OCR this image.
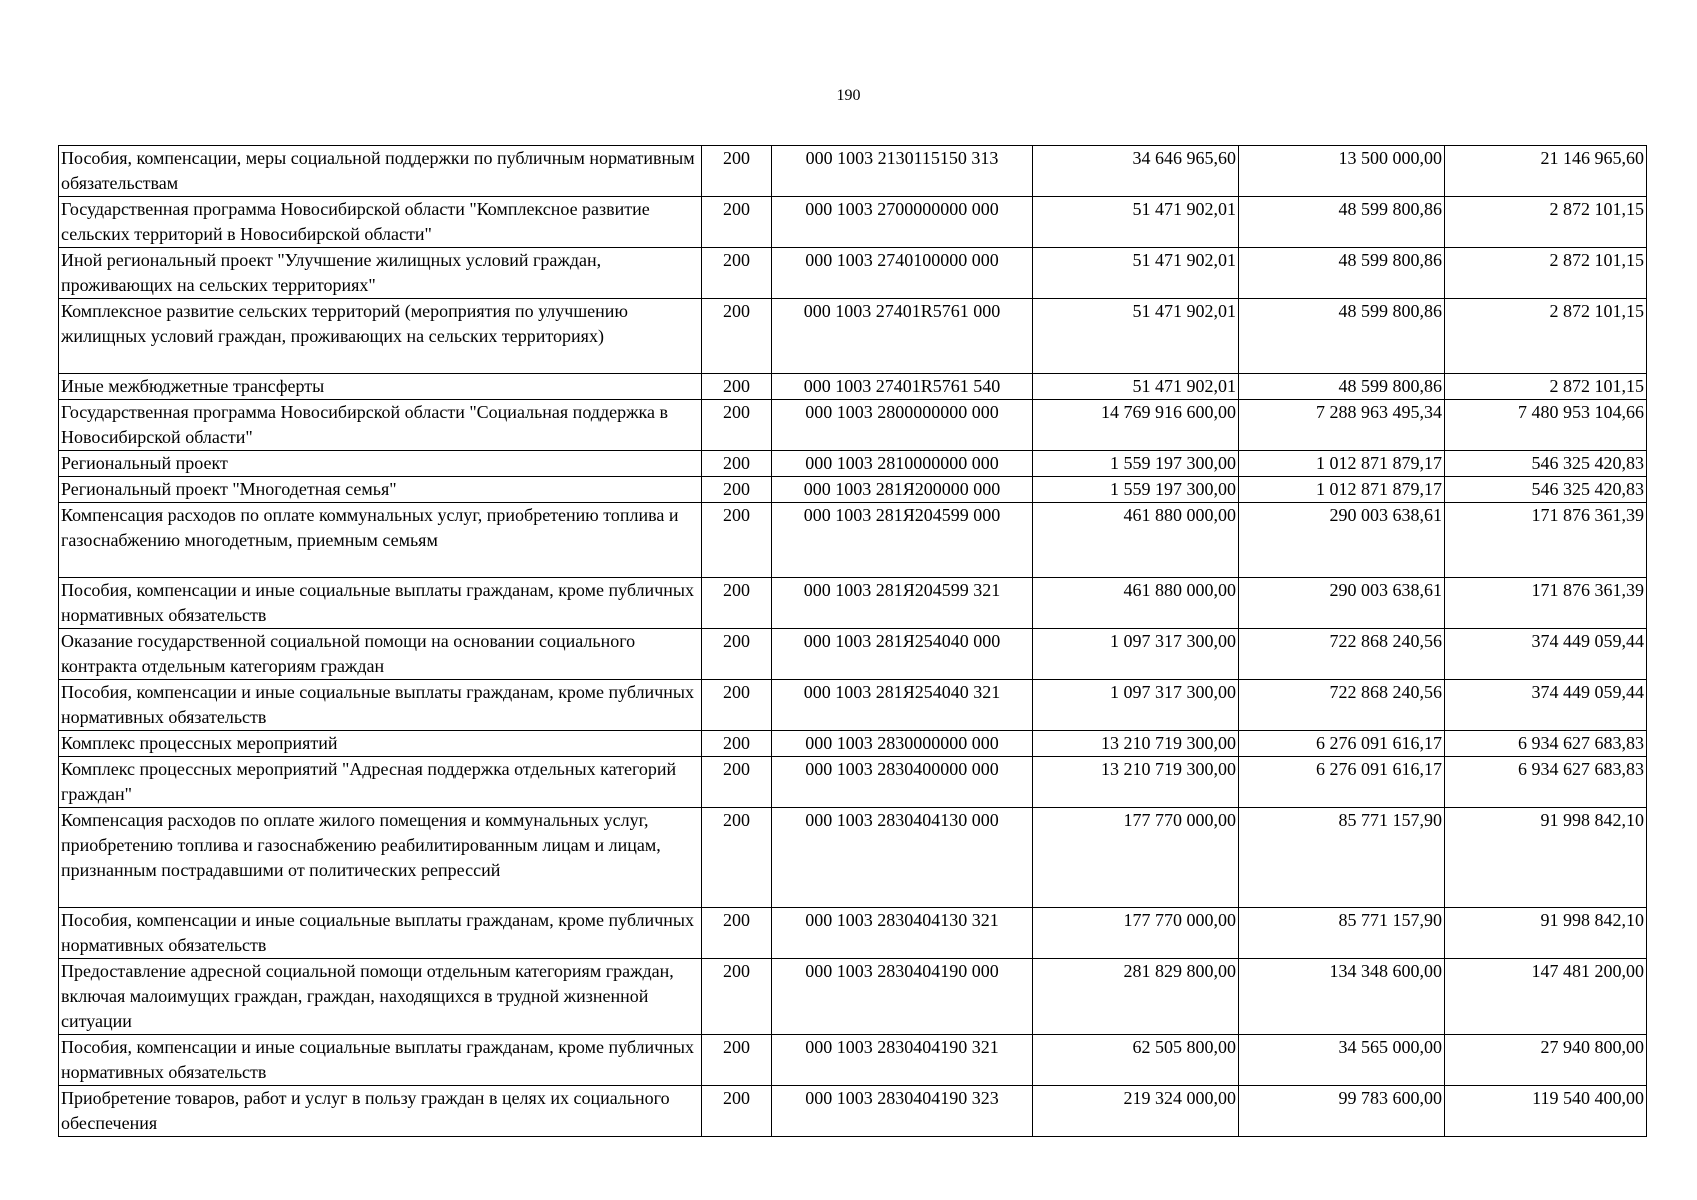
190
Пособия, компенсации, меры социальной поддержки по публичным нормативным обязательствам	200	000 1003 2130115150 313	34 646 965,60	13 500 000,00	21 146 965,60
Государственная программа Новосибирской области "Комплексное развитие сельских территорий в Новосибирской области"	200	000 1003 2700000000 000	51 471 902,01	48 599 800,86	2 872 101,15
Иной региональный проект "Улучшение жилищных условий граждан, проживающих на сельских территориях"	200	000 1003 2740100000 000	51 471 902,01	48 599 800,86	2 872 101,15
Комплексное развитие сельских территорий (мероприятия по улучшению жилищных условий граждан, проживающих на сельских территориях)	200	000 1003 27401R5761 000	51 471 902,01	48 599 800,86	2 872 101,15
Иные межбюджетные трансферты	200	000 1003 27401R5761 540	51 471 902,01	48 599 800,86	2 872 101,15
Государственная программа Новосибирской области "Социальная поддержка в Новосибирской области"	200	000 1003 2800000000 000	14 769 916 600,00	7 288 963 495,34	7 480 953 104,66
Региональный проект	200	000 1003 2810000000 000	1 559 197 300,00	1 012 871 879,17	546 325 420,83
Региональный проект "Многодетная семья"	200	000 1003 281Я200000 000	1 559 197 300,00	1 012 871 879,17	546 325 420,83
Компенсация расходов по оплате коммунальных услуг, приобретению топлива и газоснабжению многодетным, приемным семьям	200	000 1003 281Я204599 000	461 880 000,00	290 003 638,61	171 876 361,39
Пособия, компенсации и иные социальные выплаты гражданам, кроме публичных нормативных обязательств	200	000 1003 281Я204599 321	461 880 000,00	290 003 638,61	171 876 361,39
Оказание государственной социальной помощи на основании социального контракта отдельным категориям граждан	200	000 1003 281Я254040 000	1 097 317 300,00	722 868 240,56	374 449 059,44
Пособия, компенсации и иные социальные выплаты гражданам, кроме публичных нормативных обязательств	200	000 1003 281Я254040 321	1 097 317 300,00	722 868 240,56	374 449 059,44
Комплекс процессных мероприятий	200	000 1003 2830000000 000	13 210 719 300,00	6 276 091 616,17	6 934 627 683,83
Комплекс процессных мероприятий "Адресная поддержка отдельных категорий граждан"	200	000 1003 2830400000 000	13 210 719 300,00	6 276 091 616,17	6 934 627 683,83
Компенсация расходов по оплате жилого помещения и коммунальных услуг, приобретению топлива и газоснабжению реабилитированным лицам и лицам, признанным пострадавшими от политических репрессий	200	000 1003 2830404130 000	177 770 000,00	85 771 157,90	91 998 842,10
Пособия, компенсации и иные социальные выплаты гражданам, кроме публичных нормативных обязательств	200	000 1003 2830404130 321	177 770 000,00	85 771 157,90	91 998 842,10
Предоставление адресной социальной помощи отдельным категориям граждан, включая малоимущих граждан, граждан, находящихся в трудной жизненной ситуации	200	000 1003 2830404190 000	281 829 800,00	134 348 600,00	147 481 200,00
Пособия, компенсации и иные социальные выплаты гражданам, кроме публичных нормативных обязательств	200	000 1003 2830404190 321	62 505 800,00	34 565 000,00	27 940 800,00
Приобретение товаров, работ и услуг в пользу граждан в целях их социального обеспечения	200	000 1003 2830404190 323	219 324 000,00	99 783 600,00	119 540 400,00
